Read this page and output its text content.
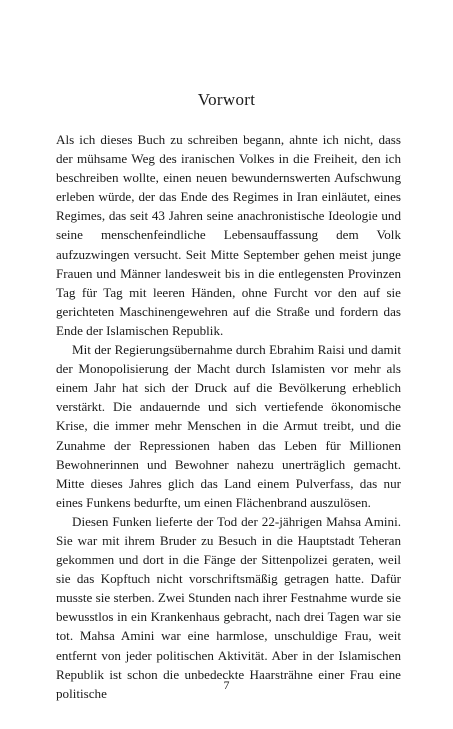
Vorwort

Als ich dieses Buch zu schreiben begann, ahnte ich nicht, dass der mühsame Weg des iranischen Volkes in die Freiheit, den ich beschreiben wollte, einen neuen bewundernswerten Aufschwung erleben würde, der das Ende des Regimes in Iran einläutet, eines Regimes, das seit 43 Jahren seine anachronistische Ideologie und seine menschenfeindliche Lebensauffassung dem Volk aufzuzwingen versucht. Seit Mitte September gehen meist junge Frauen und Männer landesweit bis in die entlegensten Provinzen Tag für Tag mit leeren Händen, ohne Furcht vor den auf sie gerichteten Maschinengewehren auf die Straße und fordern das Ende der Islamischen Republik.

Mit der Regierungsübernahme durch Ebrahim Raisi und damit der Monopolisierung der Macht durch Islamisten vor mehr als einem Jahr hat sich der Druck auf die Bevölkerung erheblich verstärkt. Die andauernde und sich vertiefende ökonomische Krise, die immer mehr Menschen in die Armut treibt, und die Zunahme der Repressionen haben das Leben für Millionen Bewohnerinnen und Bewohner nahezu unerträglich gemacht. Mitte dieses Jahres glich das Land einem Pulverfass, das nur eines Funkens bedurfte, um einen Flächenbrand auszulösen.

Diesen Funken lieferte der Tod der 22-jährigen Mahsa Amini. Sie war mit ihrem Bruder zu Besuch in die Hauptstadt Teheran gekommen und dort in die Fänge der Sittenpolizei geraten, weil sie das Kopftuch nicht vorschriftsmäßig getragen hatte. Dafür musste sie sterben. Zwei Stunden nach ihrer Festnahme wurde sie bewusstlos in ein Krankenhaus gebracht, nach drei Tagen war sie tot. Mahsa Amini war eine harmlose, unschuldige Frau, weit entfernt von jeder politischen Aktivität. Aber in der Islamischen Republik ist schon die unbedeckte Haarsträhne einer Frau eine politische

7
